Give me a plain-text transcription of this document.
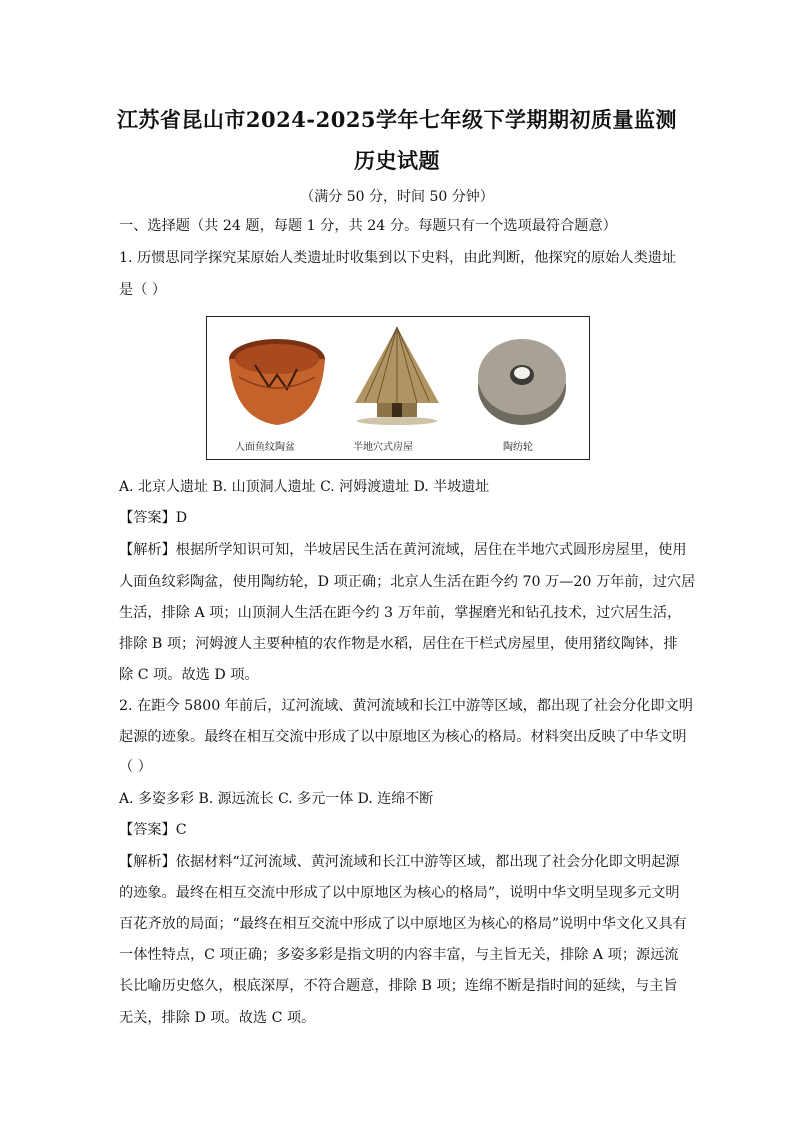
江苏省昆山市2024-2025学年七年级下学期期初质量监测
历史试题
（满分 50 分，时间 50 分钟）
一、选择题（共 24 题，每题 1 分，共 24 分。每题只有一个选项最符合题意）
1. 历惯思同学探究某原始人类遗址时收集到以下史料，由此判断，他探究的原始人类遗址
是（ ）
人面鱼纹陶盆	半地穴式房屋	陶纺轮
A. 北京人遗址 B. 山顶洞人遗址 C. 河姆渡遗址 D. 半坡遗址
【答案】D
【解析】根据所学知识可知，半坡居民生活在黄河流域，居住在半地穴式圆形房屋里，使用
人面鱼纹彩陶盆，使用陶纺轮，D 项正确；北京人生活在距今约 70 万—20 万年前，过穴居
生活，排除 A 项；山顶洞人生活在距今约 3 万年前，掌握磨光和钻孔技术，过穴居生活，
排除 B 项；河姆渡人主要种植的农作物是水稻，居住在干栏式房屋里，使用猪纹陶钵，排
除 C 项。故选 D 项。
2. 在距今 5800 年前后，辽河流域、黄河流域和长江中游等区域，都出现了社会分化即文明
起源的迹象。最终在相互交流中形成了以中原地区为核心的格局。材料突出反映了中华文明
（ ）
A. 多姿多彩 B. 源远流长 C. 多元一体 D. 连绵不断
【答案】C
【解析】依据材料“辽河流域、黄河流域和长江中游等区域，都出现了社会分化即文明起源
的迹象。最终在相互交流中形成了以中原地区为核心的格局”，说明中华文明呈现多元文明
百花齐放的局面；“最终在相互交流中形成了以中原地区为核心的格局”说明中华文化又具有
一体性特点，C 项正确；多姿多彩是指文明的内容丰富，与主旨无关，排除 A 项；源远流
长比喻历史悠久，根底深厚，不符合题意，排除 B 项；连绵不断是指时间的延续，与主旨
无关，排除 D 项。故选 C 项。
